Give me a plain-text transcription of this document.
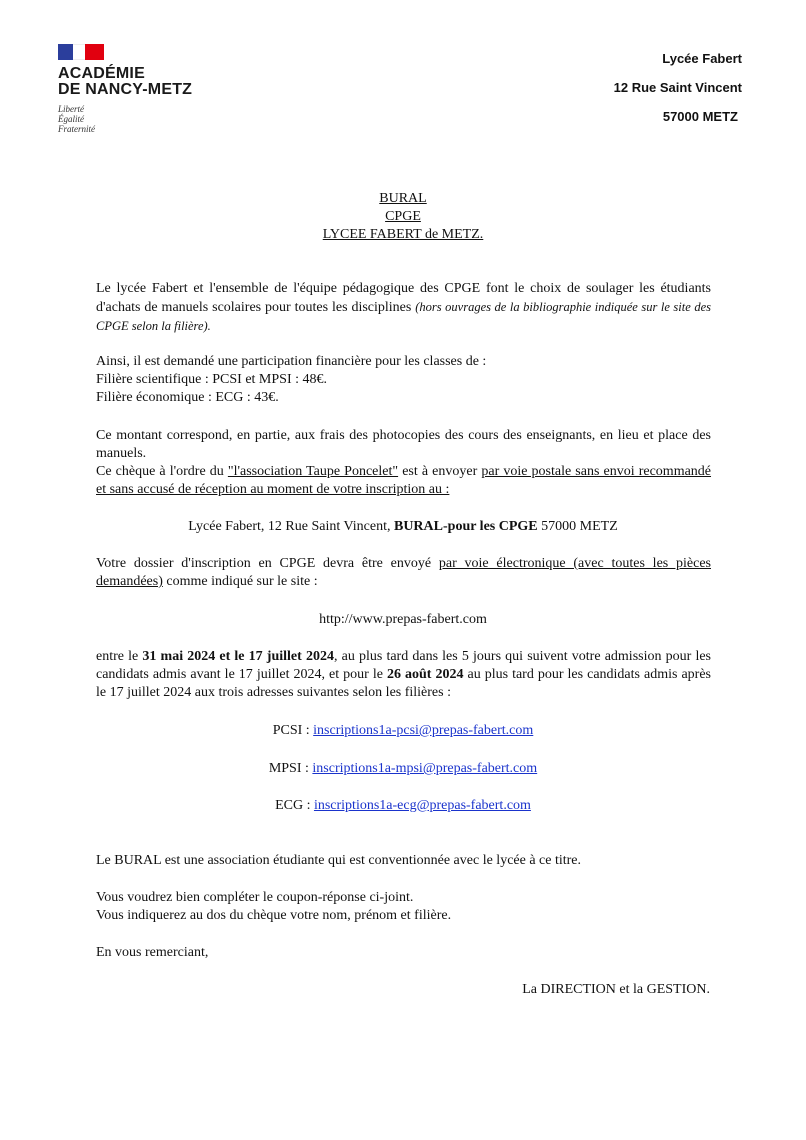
ACADÉMIE
DE NANCY-METZ
Liberté
Égalité
Fraternité
Lycée Fabert
12 Rue Saint Vincent
57000 METZ
BURAL
CPGE
LYCEE FABERT de METZ.
Le lycée Fabert et l'ensemble de l'équipe pédagogique des CPGE font le choix de soulager les étudiants d'achats de manuels scolaires pour toutes les disciplines (hors ouvrages de la bibliographie indiquée sur le site des CPGE selon la filière).
Ainsi, il est demandé une participation financière pour les classes de :
Filière scientifique : PCSI et MPSI : 48€.
Filière économique : ECG : 43€.
Ce montant correspond, en partie, aux frais des photocopies des cours des enseignants, en lieu et place des manuels.
Ce chèque à l'ordre du "l'association Taupe Poncelet" est à envoyer par voie postale sans envoi recommandé et sans accusé de réception au moment de votre inscription au :
Lycée Fabert, 12 Rue Saint Vincent, BURAL-pour les CPGE 57000 METZ
Votre dossier d'inscription en CPGE devra être envoyé par voie électronique (avec toutes les pièces demandées) comme indiqué sur le site :
http://www.prepas-fabert.com
entre le 31 mai 2024 et le 17 juillet 2024, au plus tard dans les 5 jours qui suivent votre admission pour les candidats admis avant le 17 juillet 2024, et pour le 26 août 2024 au plus tard pour les candidats admis après le 17 juillet 2024 aux trois adresses suivantes selon les filières :
PCSI : inscriptions1a-pcsi@prepas-fabert.com
MPSI : inscriptions1a-mpsi@prepas-fabert.com
ECG : inscriptions1a-ecg@prepas-fabert.com
Le BURAL est une association étudiante qui est conventionnée avec le lycée à ce titre.
Vous voudrez bien compléter le coupon-réponse ci-joint.
Vous indiquerez au dos du chèque votre nom, prénom et filière.
En vous remerciant,
La DIRECTION et la GESTION.
